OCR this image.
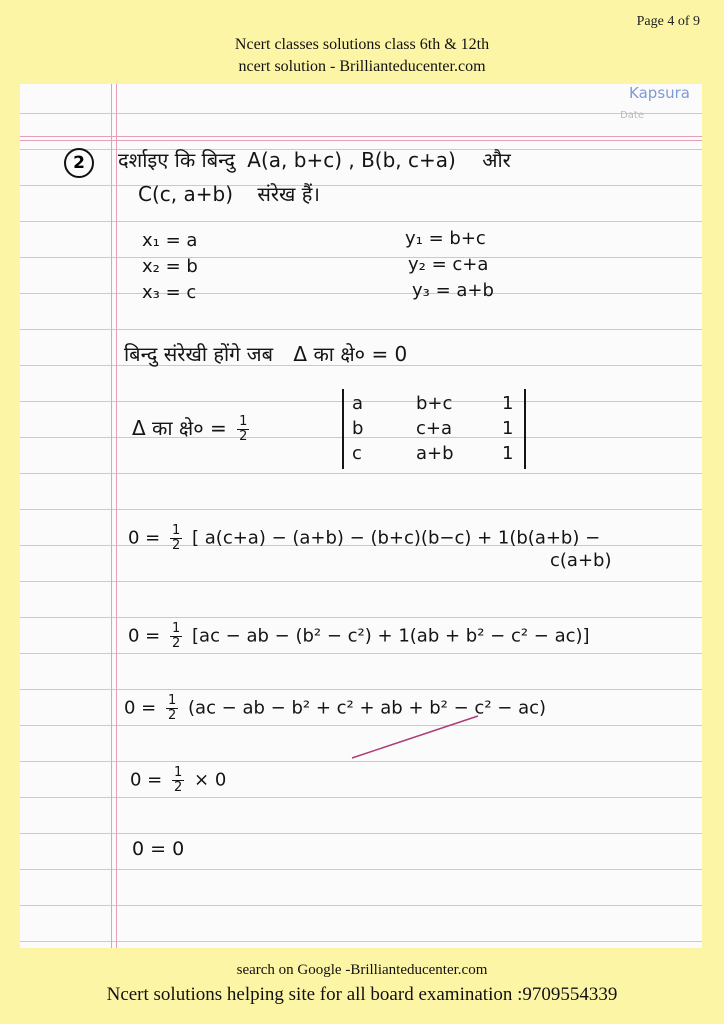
Page 4 of 9
Ncert classes solutions class 6th & 12th
ncert solution - Brillianteducenter.com
Kapsura
Date
2	दर्शाइए कि बिन्दु A(a, b+c) , B(b, c+a) और
C(c, a+b) संरेख हैं।
x₁ = a
x₂ = b
x₃ = c
y₁ = b+c
y₂ = c+a
y₃ = a+b
बिन्दु संरेखी होंगे जब Δ का क्षे० = 0
Δ का क्षे० = $\frac{1}{2}$
a	b+c	1
b	c+a	1
c	a+b	1
$0 = \frac{1}{2}$ [ a(c+a) − (a+b) − (b+c)(b−c) + 1(b(a+b) −
c(a+b)
$0 = \frac{1}{2} [ac$ − ab − (b² − c²) + 1(ab + b² − c² − ac)]
$0 = \frac{1}{2} (ac$ − ab − b² + c² + ab + b² − c² − ac)
$0 = \frac{1}{2} \times 0$
0 = 0
search on Google -Brillianteducenter.com
Ncert solutions helping site for all board examination :9709554339
